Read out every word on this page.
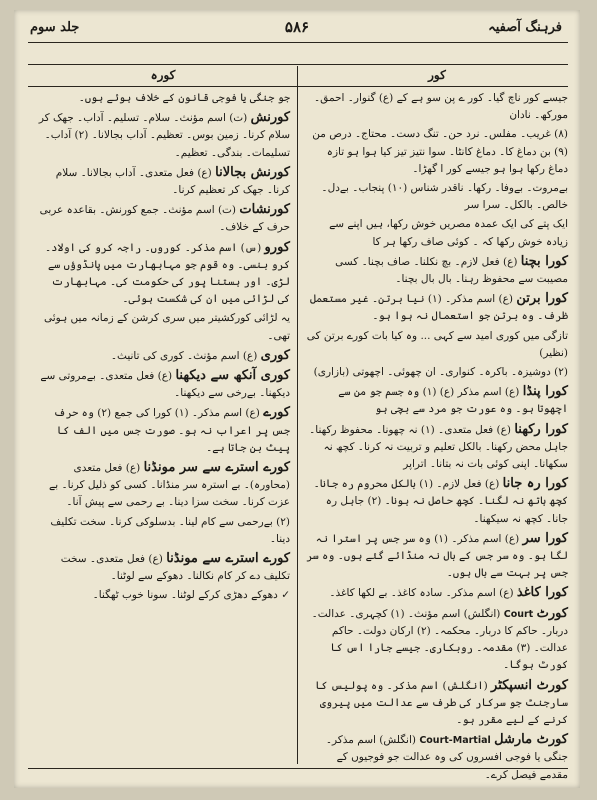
جلد سوم	۵۸۶	فرہنگ آصفیہ
کور
کورہ
جیسے کور ناچ گیا۔ کور ے پن سو ہے کے (ع) گنوار۔ احمق۔ مورکھ۔ نادان
(۸) غریب۔ مفلس۔ نرد حن۔ تنگ دست۔ محتاج۔ درص من (۹) بن دماغ کا۔ دماغ کانٹا۔ سوا نتیز تیز کیا ہوا ہو تازہ دماغ رکھا ہوا ہو جیسے کور ا گھڑا۔
بےمروت۔ بےوفا۔ رکھا۔ ناقدر شناس (۱۰) پنجاب۔ بےدل۔ خالص۔ بالکل۔ سرا سر
ایک پتے کی ایک عمدہ مصریں خوش رکھا، ہیں اپنے سے زیادہ خوش رکھا کہ ۔ کوئی صاف رکھا ہر کا
کورا بچنا (ع) فعل لازم۔ بچ نکلنا۔ صاف بچنا۔ کسی مصیبت سے محفوظ رہنا۔ بال بال بچنا۔
کورا برتن (ع) اسم مذکر۔ (۱) نیا برتن۔ غیر مستعمل ظرف۔ وہ برتن جو استعمال نہ ہوا ہو۔
تازگی میں کوری امید سے کہی ... وہ کیا بات کورے برتن کی (نظیر)
(۲) دوشیزہ۔ باکرہ۔ کنواری۔ ان چھوئی۔ اچھوتی (بازاری)
کورا پنڈا (ع) اسم مذکر (ع) (۱) وہ جسم جو من سے اچھوتا ہو۔ وہ عورت جو مرد سے بچی ہو
کورا رکھنا (ع) فعل متعدی۔ (۱) نہ چھونا۔ محفوظ رکھنا۔ جاہل محض رکھنا۔ بالکل تعلیم و تربیت نہ کرنا۔ کچھ نہ سکھانا۔ اپنی کوئی بات نہ بتانا۔ اتراپر
کورا رہ جانا (ع) فعل لازم۔ (۱) بالکل محروم رہ جانا۔ کچھ ہاتھ نہ لگنا۔ کچھ حاصل نہ ہونا۔ (۲) جاہل رہ جانا۔ کچھ نہ سیکھنا۔
کورا سر (ع) اسم مذکر۔ (۱) وہ سر جس پر استرا نہ لگا ہو۔ وہ سر جس کے بال نہ منڈائے گئے ہوں۔ وہ سر جس پر بہت سے بال ہوں۔
کورا کاغذ (ع) اسم مذکر۔ سادہ کاغذ۔ بے لکھا کاغذ۔
کورٹ Court (انگلش) اسم مؤنث۔ (۱) کچہری۔ عدالت۔ دربار۔ حاکم کا دربار۔ محکمہ۔ (۲) ارکان دولت۔ حاکم عدالت۔ (۳) مقدمہ۔ روبکاری۔ جیسے جارا اس کا کورٹ ہوگا۔
کورٹ انسپکٹر (انگلش) اسم مذکر۔ وہ پولیس کا سارجنٹ جو سرکار کی طرف سے عدالت میں پیروی کرنے کے لیے مقرر ہو۔
کورٹ مارشل Court-Martial (انگلش) اسم مذکر۔ جنگی یا فوجی افسروں کی وہ عدالت جو فوجیوں کے مقدمے فیصل کرے۔
جو جنگی یا فوجی قانون کے خلاف ہوئے ہوں۔
کورنش (ت) اسم مؤنث۔ سلام۔ تسلیم۔ آداب۔ جھک کر سلام کرنا۔ زمین بوس۔ تعظیم۔ آداب بجالانا۔ (۲) آداب۔ تسلیمات۔ بندگی۔ تعظیم۔
کورنش بجالانا (ع) فعل متعدی۔ آداب بجالانا۔ سلام کرنا۔ جھک کر تعظیم کرنا۔
کورنشات (ت) اسم مؤنث۔ جمع کورنش۔ بقاعدہ عربی حرف کے خلاف۔
کورو (س) اسم مذکر۔ کوروں۔ راجہ کرو کی اولاد۔ کرو بنسی۔ وہ قوم جو مہابھارت میں پانڈوؤں سے لڑی۔ اور ہستنا پور کی حکومت کی۔ مہابھارت کی لڑائی میں ان کی شکست ہوئی۔
یہ لڑائی کورکشیتر میں سری کرشن کے زمانہ میں ہوئی تھی۔
کوری (ع) اسم مؤنث۔ کوری کی تانیث۔
کوری آنکھ سے دیکھنا (ع) فعل متعدی۔ بےمروتی سے دیکھنا۔ بےرخی سے دیکھنا۔
کورے (ع) اسم مذکر۔ (۱) کورا کی جمع (۲) وہ حرف جس پر اعراب نہ ہو۔ صورت جس میں الف کا پیٹ بن جاتا ہے۔
کورے استرے سے سر مونڈنا (ع) فعل متعدی (محاورہ)۔ بے استرہ سر منڈانا۔ کسی کو ذلیل کرنا۔ بے عزت کرنا۔ سخت سزا دینا۔ بے رحمی سے پیش آنا۔
(۲) بےرحمی سے کام لینا۔ بدسلوکی کرنا۔ سخت تکلیف دینا۔
کورے استرے سے مونڈنا (ع) فعل متعدی۔ سخت تکلیف دے کر کام نکالنا۔ دھوکے سے لوٹنا۔
✓ دھوکے دھڑی کرکے لوٹنا۔ سونا خوب ٹھگنا۔
